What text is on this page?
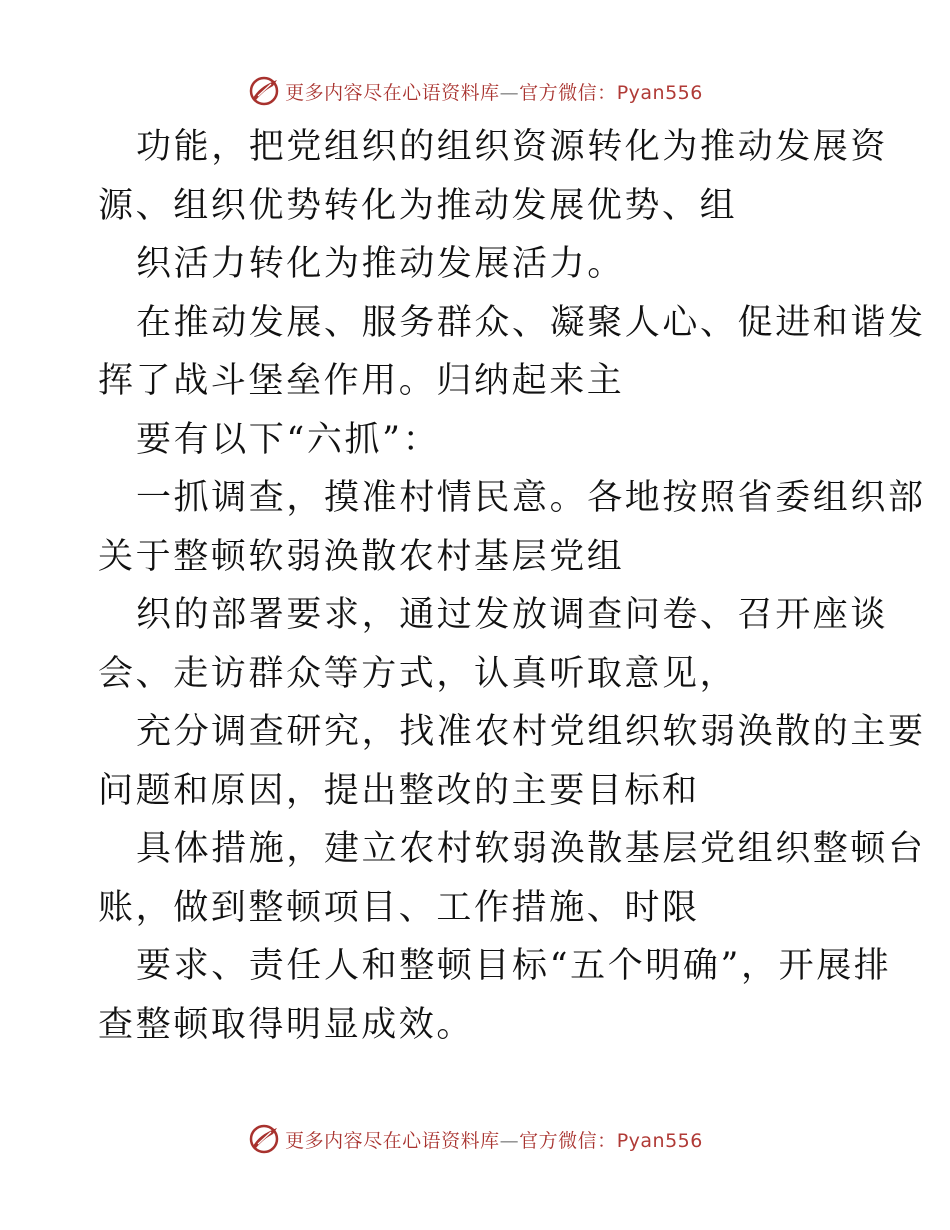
更多内容尽在心语资料库—官方微信：Pyan556
功能，把党组织的组织资源转化为推动发展资
源、组织优势转化为推动发展优势、组
织活力转化为推动发展活力。
在推动发展、服务群众、凝聚人心、促进和谐发
挥了战斗堡垒作用。归纳起来主
要有以下“六抓”：
一抓调查，摸准村情民意。各地按照省委组织部
关于整顿软弱涣散农村基层党组
织的部署要求，通过发放调查问卷、召开座谈
会、走访群众等方式，认真听取意见，
充分调查研究，找准农村党组织软弱涣散的主要
问题和原因，提出整改的主要目标和
具体措施，建立农村软弱涣散基层党组织整顿台
账，做到整顿项目、工作措施、时限
要求、责任人和整顿目标“五个明确”，开展排
查整顿取得明显成效。
更多内容尽在心语资料库—官方微信：Pyan556
